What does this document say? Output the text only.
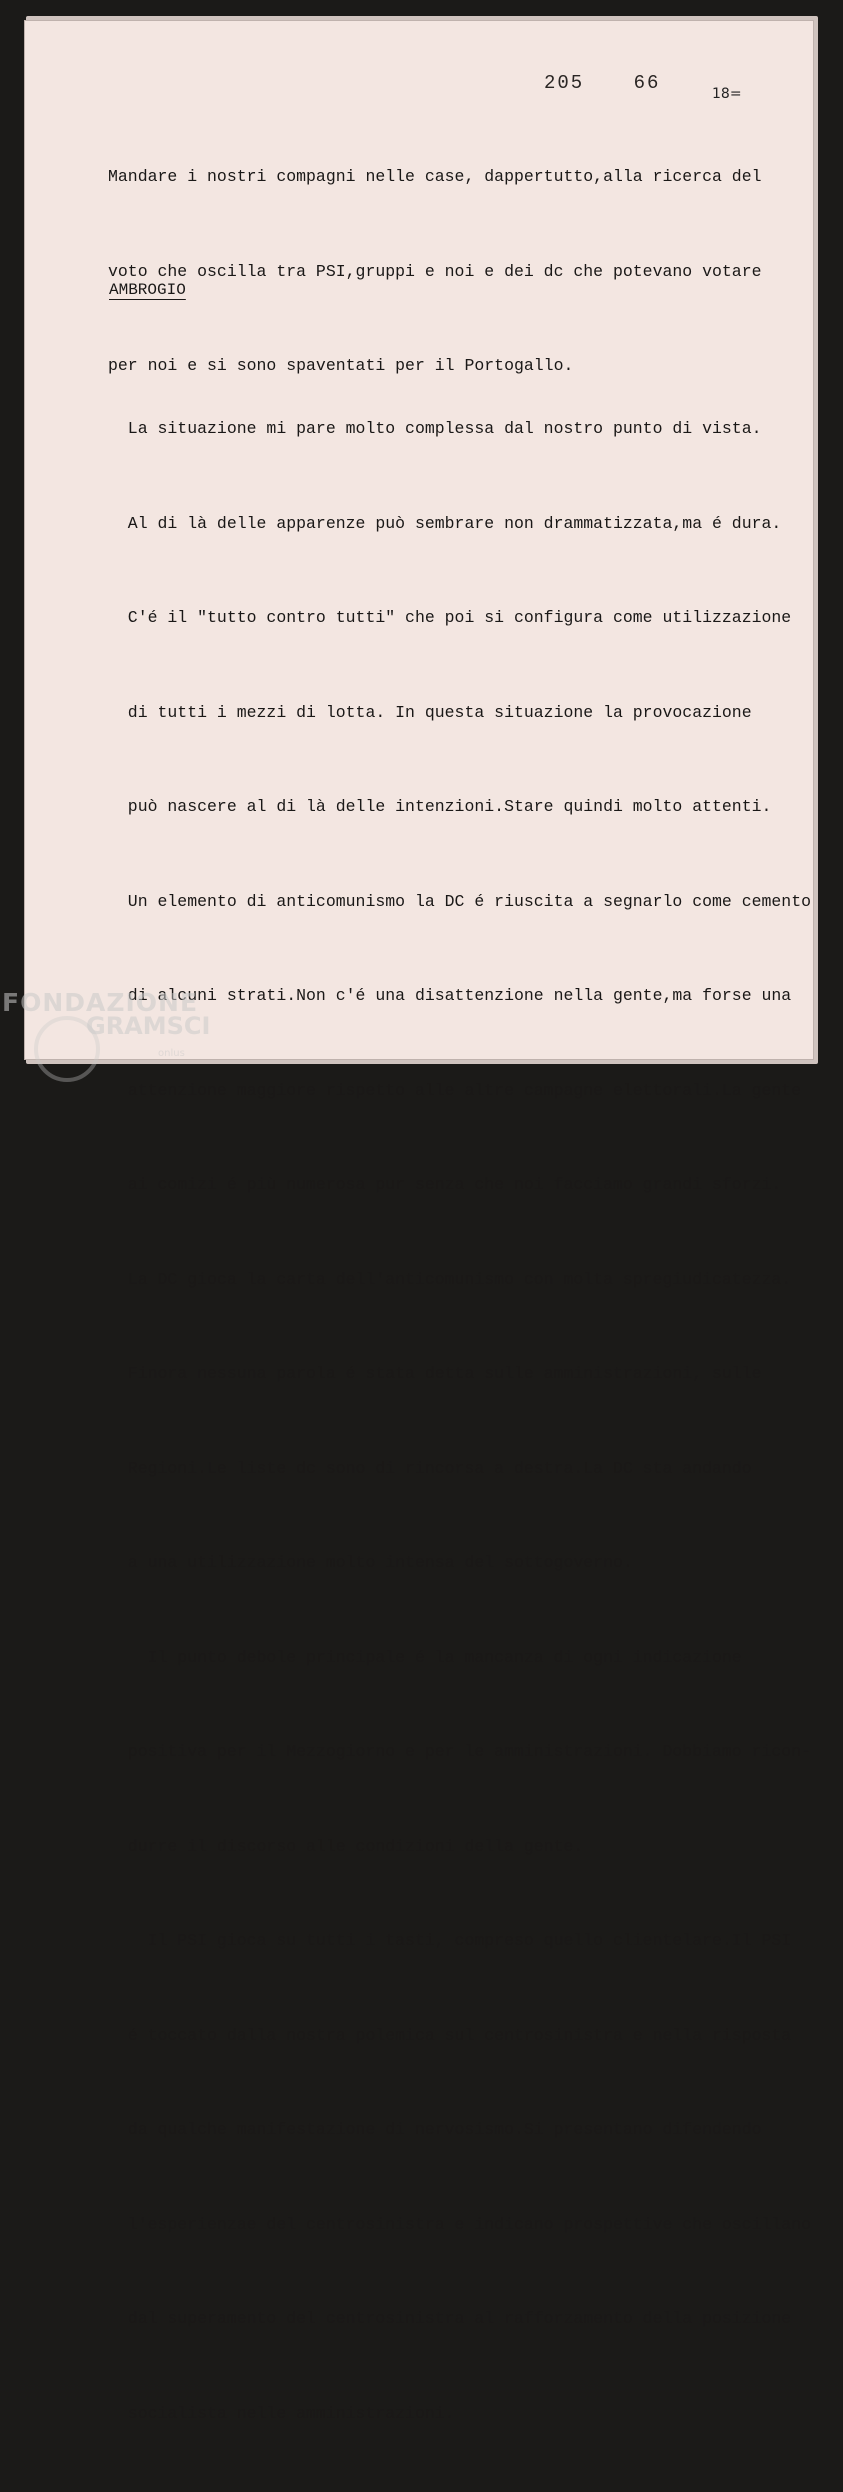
205	66	18=

Mandare i nostri compagni nelle case, dappertutto,alla ricerca del

voto che oscilla tra PSI,gruppi e noi e dei dc che potevano votare

per noi e si sono spaventati per il Portogallo.

AMBROGIO

La situazione mi pare molto complessa dal nostro punto di vista.

Al di là delle apparenze può sembrare non drammatizzata,ma é dura.

C'é il "tutto contro tutti" che poi si configura come utilizzazione

di tutti i mezzi di lotta. In questa situazione la provocazione

può nascere al di là delle intenzioni.Stare quindi molto attenti.

Un elemento di anticomunismo la DC é riuscita a segnarlo come cemento

di alcuni strati.Non c'é una disattenzione nella gente,ma forse una

attenzione maggiore rispetto alle altre campagne elettorali.La gente

ai comizi é più numerosa pur senza che noi facciamo grandi sforzi.

La DC gioca la carta dell'anticomunismo con molta spregiudicatezza.

Finora nessuna parola é stata detta sulle amministrazioni, sulle

Regioni.Le liste dc sono di rincorsa a destra.La DC sta andando

a una utilizzazione molto intensa del sottogoverno.

Il punto debole principale é la mancanza di ogni indicazione

positiva per il Mezzogiorno e per le amministrazioni. Dobbiamo ricon-

durre il discorso alle condizioni della gente.

Il PSI gioca su tutti i tasti, compreso quello clientelare.Il PSI

é toccato dalla nostra polemica sul centrosinistra e nella risposta

da qualche manifestazione di nervosismo.Si presentano difendendo

l'esperienzae del centrosinistra e indicano prospettive che oscillano

dal superamento del centrosinistra al rafforzamento della posizione

socialista nelle amministrazioni.

FONDAZIONE
GRAMSCI
onlus
